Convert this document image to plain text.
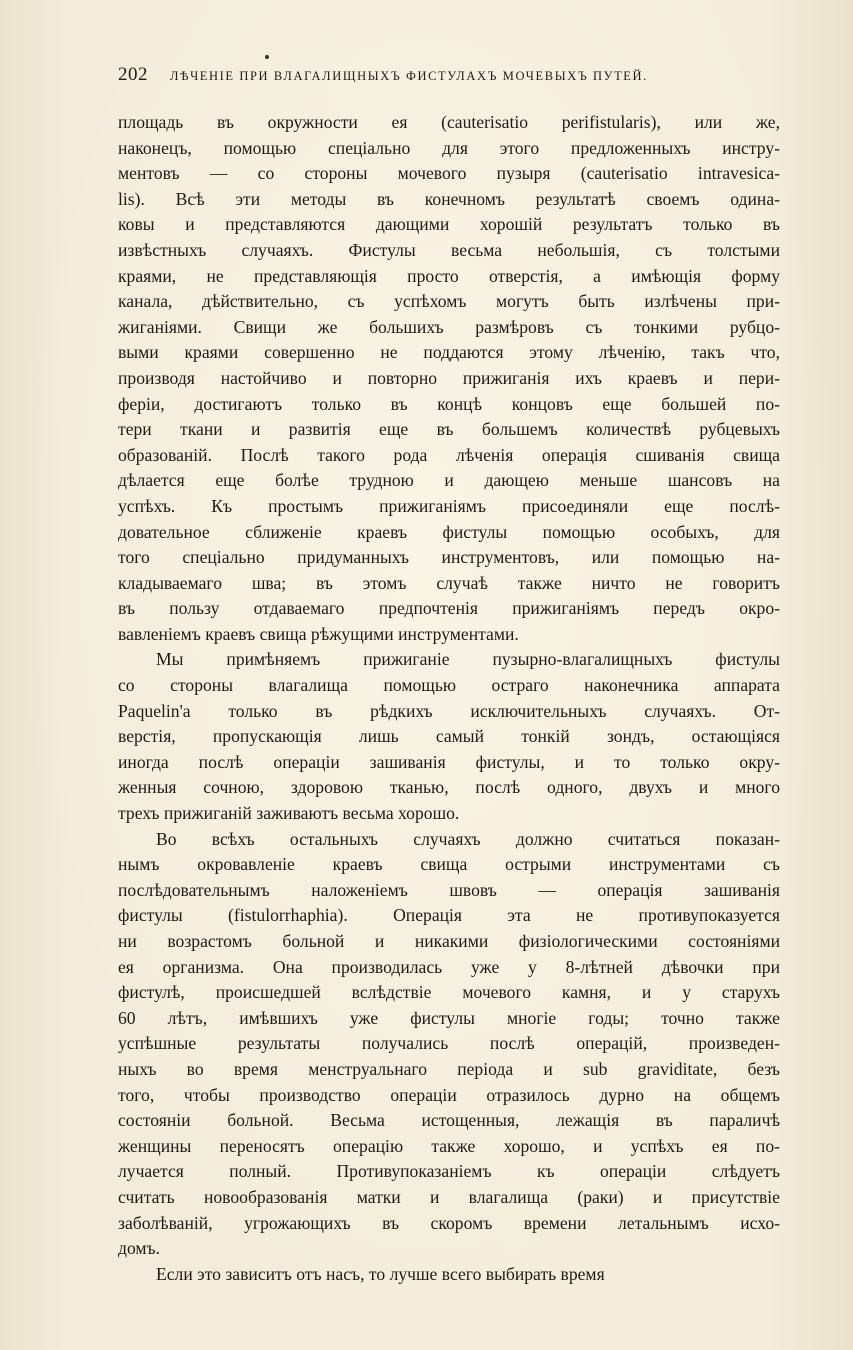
202 ЛѢЧЕНІЕ ПРИ ВЛАГАЛИЩНЫХЪ ФИСТУЛАХЪ МОЧЕВЫХЪ ПУТЕЙ.
площадь въ окружности ея (cauterisatio perifistularis), или же,
наконецъ, помощью спеціально для этого предложенныхъ инстру-
ментовъ — со стороны мочевого пузыря (cauterisatio intravesica-
lis). Всѣ эти методы въ конечномъ результатѣ своемъ одина-
ковы и представляются дающими хорошій результатъ только въ
извѣстныхъ случаяхъ. Фистулы весьма небольшія, съ толстыми
краями, не представляющія просто отверстія, а имѣющія форму
канала, дѣйствительно, съ успѣхомъ могутъ быть излѣчены при-
жиганіями. Свищи же большихъ размѣровъ съ тонкими рубцо-
выми краями совершенно не поддаются этому лѣченію, такъ что,
производя настойчиво и повторно прижиганія ихъ краевъ и пери-
феріи, достигаютъ только въ концѣ концовъ еще большей по-
тери ткани и развитія еще въ большемъ количествѣ рубцевыхъ
образованій. Послѣ такого рода лѣченія операція сшиванія свища
дѣлается еще болѣе трудною и дающею меньше шансовъ на
успѣхъ. Къ простымъ прижиганіямъ присоединяли еще послѣ-
довательное сближеніе краевъ фистулы помощью особыхъ, для
того спеціально придуманныхъ инструментовъ, или помощью на-
кладываемаго шва; въ этомъ случаѣ также ничто не говоритъ
въ пользу отдаваемаго предпочтенія прижиганіямъ передъ окро-
вавленіемъ краевъ свища рѣжущими инструментами.
Мы примѣняемъ прижиганіе пузырно-влагалищныхъ фистулы
со стороны влагалища помощью остраго наконечника аппарата
Paquelin'а только въ рѣдкихъ исключительныхъ случаяхъ. От-
верстія, пропускающія лишь самый тонкій зондъ, остающіяся
иногда послѣ операціи зашиванія фистулы, и то только окру-
женныя сочною, здоровою тканью, послѣ одного, двухъ и много
трехъ прижиганій заживаютъ весьма хорошо.
Во всѣхъ остальныхъ случаяхъ должно считаться показан-
нымъ окровавленіе краевъ свища острыми инструментами съ
послѣдовательнымъ наложеніемъ швовъ — операція зашиванія
фистулы (fistulorrhaphia). Операція эта не противупоказуется
ни возрастомъ больной и никакими физіологическими состояніями
ея организма. Она производилась уже у 8-лѣтней дѣвочки при
фистулѣ, происшедшей вслѣдствіе мочевого камня, и у старухъ
60 лѣтъ, имѣвшихъ уже фистулы многіе годы; точно также
успѣшные результаты получались послѣ операцій, произведен-
ныхъ во время менструальнаго періода и sub graviditate, безъ
того, чтобы производство операціи отразилось дурно на общемъ
состояніи больной. Весьма истощенныя, лежащія въ параличѣ
женщины переносятъ операцію также хорошо, и успѣхъ ея по-
лучается полный. Противупоказаніемъ къ операціи слѣдуетъ
считать новообразованія матки и влагалища (раки) и присутствіе
заболѣваній, угрожающихъ въ скоромъ времени летальнымъ исхо-
домъ.
Если это зависитъ отъ насъ, то лучше всего выбирать время
